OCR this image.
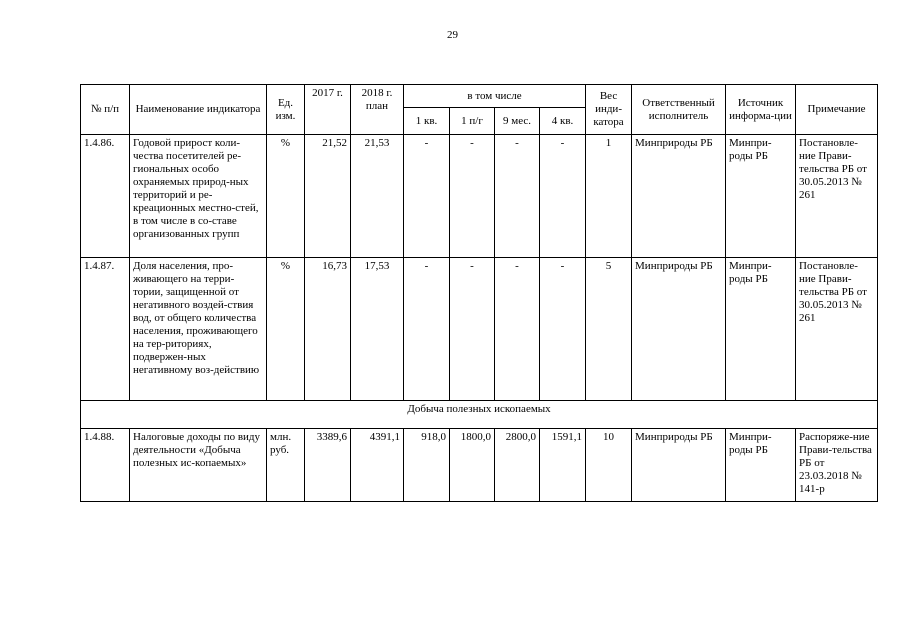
29
№ п/п	Наименование индикатора	Ед. изм.	2017 г.	2018 г. план	в том числе				Вес инди-катора	Ответственный исполнитель	Источник информа-ции	Примечание
					1 кв.	1 п/г	9 мес.	4 кв.				
1.4.86.	Годовой прирост коли-чества посетителей ре-гиональных особо охраняемых природ-ных территорий и ре-креационных местно-стей, в том числе в со-ставе организованных групп	%	21,52	21,53	-	-	-	-	1	Минприроды РБ	Минпри-роды РБ	Постановле-ние Прави-тельства РБ от 30.05.2013 № 261
1.4.87.	Доля населения, про-живающего на терри-тории, защищенной от негативного воздей-ствия вод, от общего количества населения, проживающего на тер-риториях, подвержен-ных негативному воз-действию	%	16,73	17,53	-	-	-	-	5	Минприроды РБ	Минпри-роды РБ	Постановле-ние Прави-тельства РБ от 30.05.2013 № 261
Добыча полезных ископаемых												
1.4.88.	Налоговые доходы по виду деятельности «Добыча полезных ис-копаемых»	млн. руб.	3389,6	4391,1	918,0	1800,0	2800,0	1591,1	10	Минприроды РБ	Минпри-роды РБ	Распоряже-ние Прави-тельства РБ от 23.03.2018 № 141-р
